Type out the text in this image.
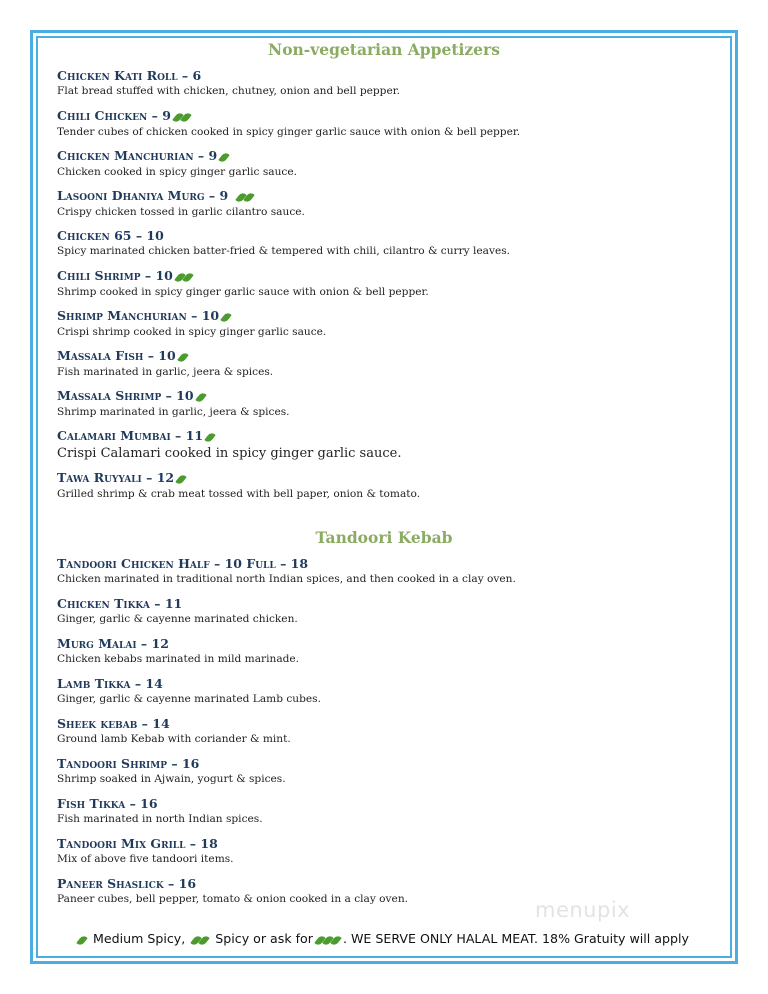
Non-vegetarian Appetizers
Chicken Kati Roll – 6
Flat bread stuffed with chicken, chutney, onion and bell pepper.
Chili Chicken – 9
Tender cubes of chicken cooked in spicy ginger garlic sauce with onion & bell pepper.
Chicken Manchurian – 9
Chicken cooked in spicy ginger garlic sauce.
Lasooni Dhaniya Murg – 9
Crispy chicken tossed in garlic cilantro sauce.
Chicken 65 – 10
Spicy marinated chicken batter-fried & tempered with chili, cilantro & curry leaves.
Chili Shrimp – 10
Shrimp cooked in spicy ginger garlic sauce with onion & bell pepper.
Shrimp Manchurian – 10
Crispi shrimp cooked in spicy ginger garlic sauce.
Massala Fish – 10
Fish marinated in garlic, jeera & spices.
Massala Shrimp – 10
Shrimp marinated in garlic, jeera & spices.
Calamari Mumbai – 11
Crispi Calamari cooked in spicy ginger garlic sauce.
Tawa Ruyyali – 12
Grilled shrimp & crab meat tossed with bell paper, onion & tomato.
Tandoori Kebab
Tandoori Chicken Half – 10 Full – 18
Chicken marinated in traditional north Indian spices, and then cooked in a clay oven.
Chicken Tikka – 11
Ginger, garlic & cayenne marinated chicken.
Murg Malai – 12
Chicken kebabs marinated in mild marinade.
Lamb Tikka – 14
Ginger, garlic & cayenne marinated Lamb cubes.
Sheek kebab – 14
Ground lamb Kebab with coriander & mint.
Tandoori Shrimp – 16
Shrimp soaked in Ajwain, yogurt & spices.
Fish Tikka – 16
Fish marinated in north Indian spices.
Tandoori Mix Grill – 18
Mix of above five tandoori items.
Paneer Shaslick – 16
Paneer cubes, bell pepper, tomato & onion cooked in a clay oven.	menupix
Medium Spicy, Spicy or ask for . WE SERVE ONLY HALAL MEAT. 18% Gratuity will apply
